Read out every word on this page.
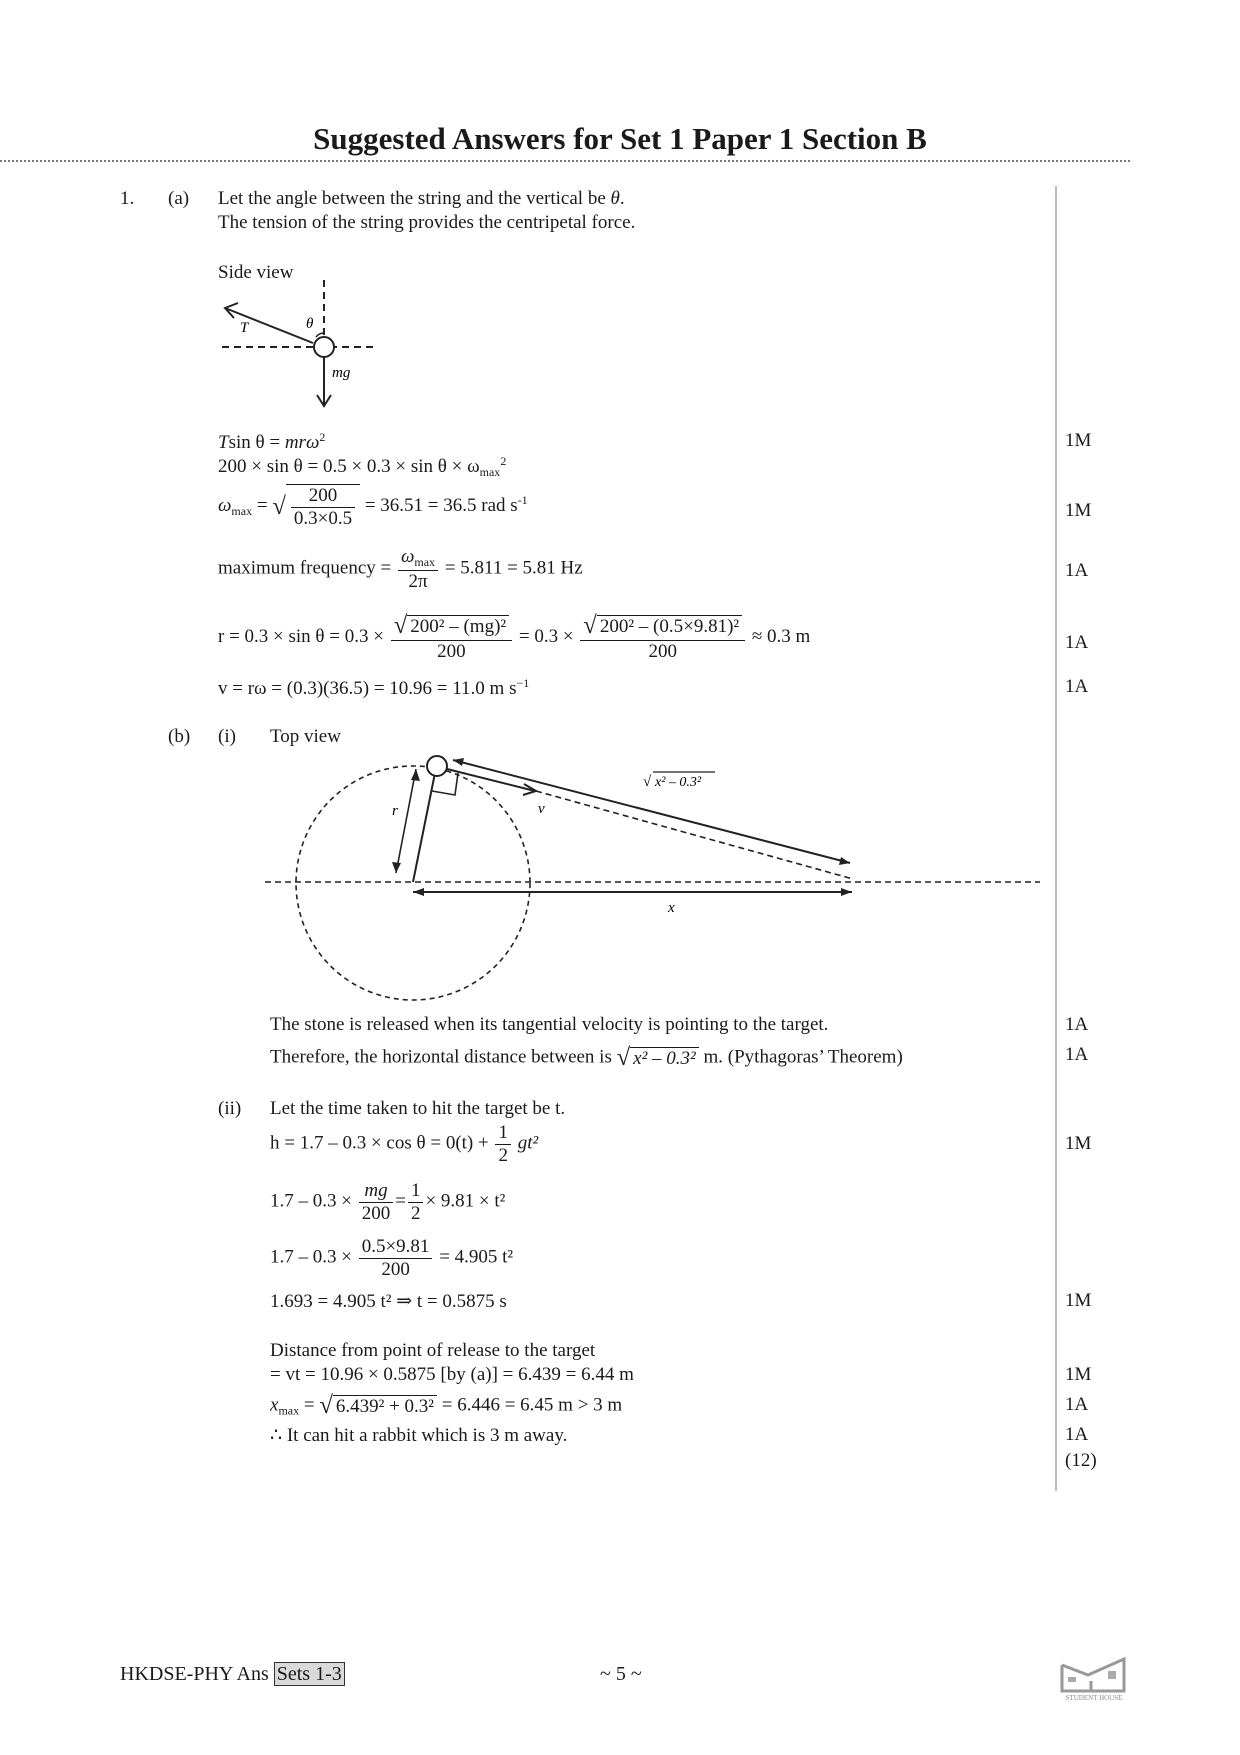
Suggested Answers for Set 1 Paper 1 Section B
1. (a) Let the angle between the string and the vertical be θ.
The tension of the string provides the centripetal force.
Side view
T	θ
mg
Tsin θ = mrω$^2$	1M
$200 \times \sin \theta = 0.5 \times 0.3 \times \sin \theta \times \omega_{max}^2$
$\omega_{max}$ = √ $\frac{200}{0.3\times 0.5} = 36.51 = 36.5$ rad $s^{-1}$	1M
maximum frequency = $\frac{\omega_{max}}{2\pi} = 5.811 = 5.81$ Hz	1A
$r = 0.3 \times \sin \theta = 0.3 \times \frac{\text{√ 200² – (mg)²}}{200} = 0.3 \times \frac{\text{√ 200² – (0.5×9.81)²}}{200} \approx 0.3$ m	1A
v = rω = (0.3)(36.5) = 10.96 = 11.0 m $s^{-1}$	1A
(b) (i) Top view
r	v
x
√ x² – 0.3²
The stone is released when its tangential velocity is pointing to the target.	1A
Therefore, the horizontal distance between is √ x² – 0.3² m. (Pythagoras’ Theorem)	1A
(ii) Let the time taken to hit the target be t.
$h = 1.7 - 0.3 \times \cos \theta = 0(t) + \frac{1}{2} gt^2$	1M
$1.7 - 0.3 \times \frac{mg}{200} = \frac{1}{2} \times 9.81 \times t^2$
$1.7 - 0.3 \times \frac{0.5\times 9.81}{200} = 4.905$ t²
1.693 = 4.905 t² ⇒ t = 0.5875 s	1M
Distance from point of release to the target
= vt = 10.96 × 0.5875 [by (a)] = 6.439 = 6.44 m	1M
$x_{max}$ = √ 6.439² + 0.3² = 6.446 = 6.45 m > 3 m	1A
∴ It can hit a rabbit which is 3 m away.	1A
(12)
HKDSE-PHY Ans Sets 1-3	~ 5 ~
STUDENT HOUSE
